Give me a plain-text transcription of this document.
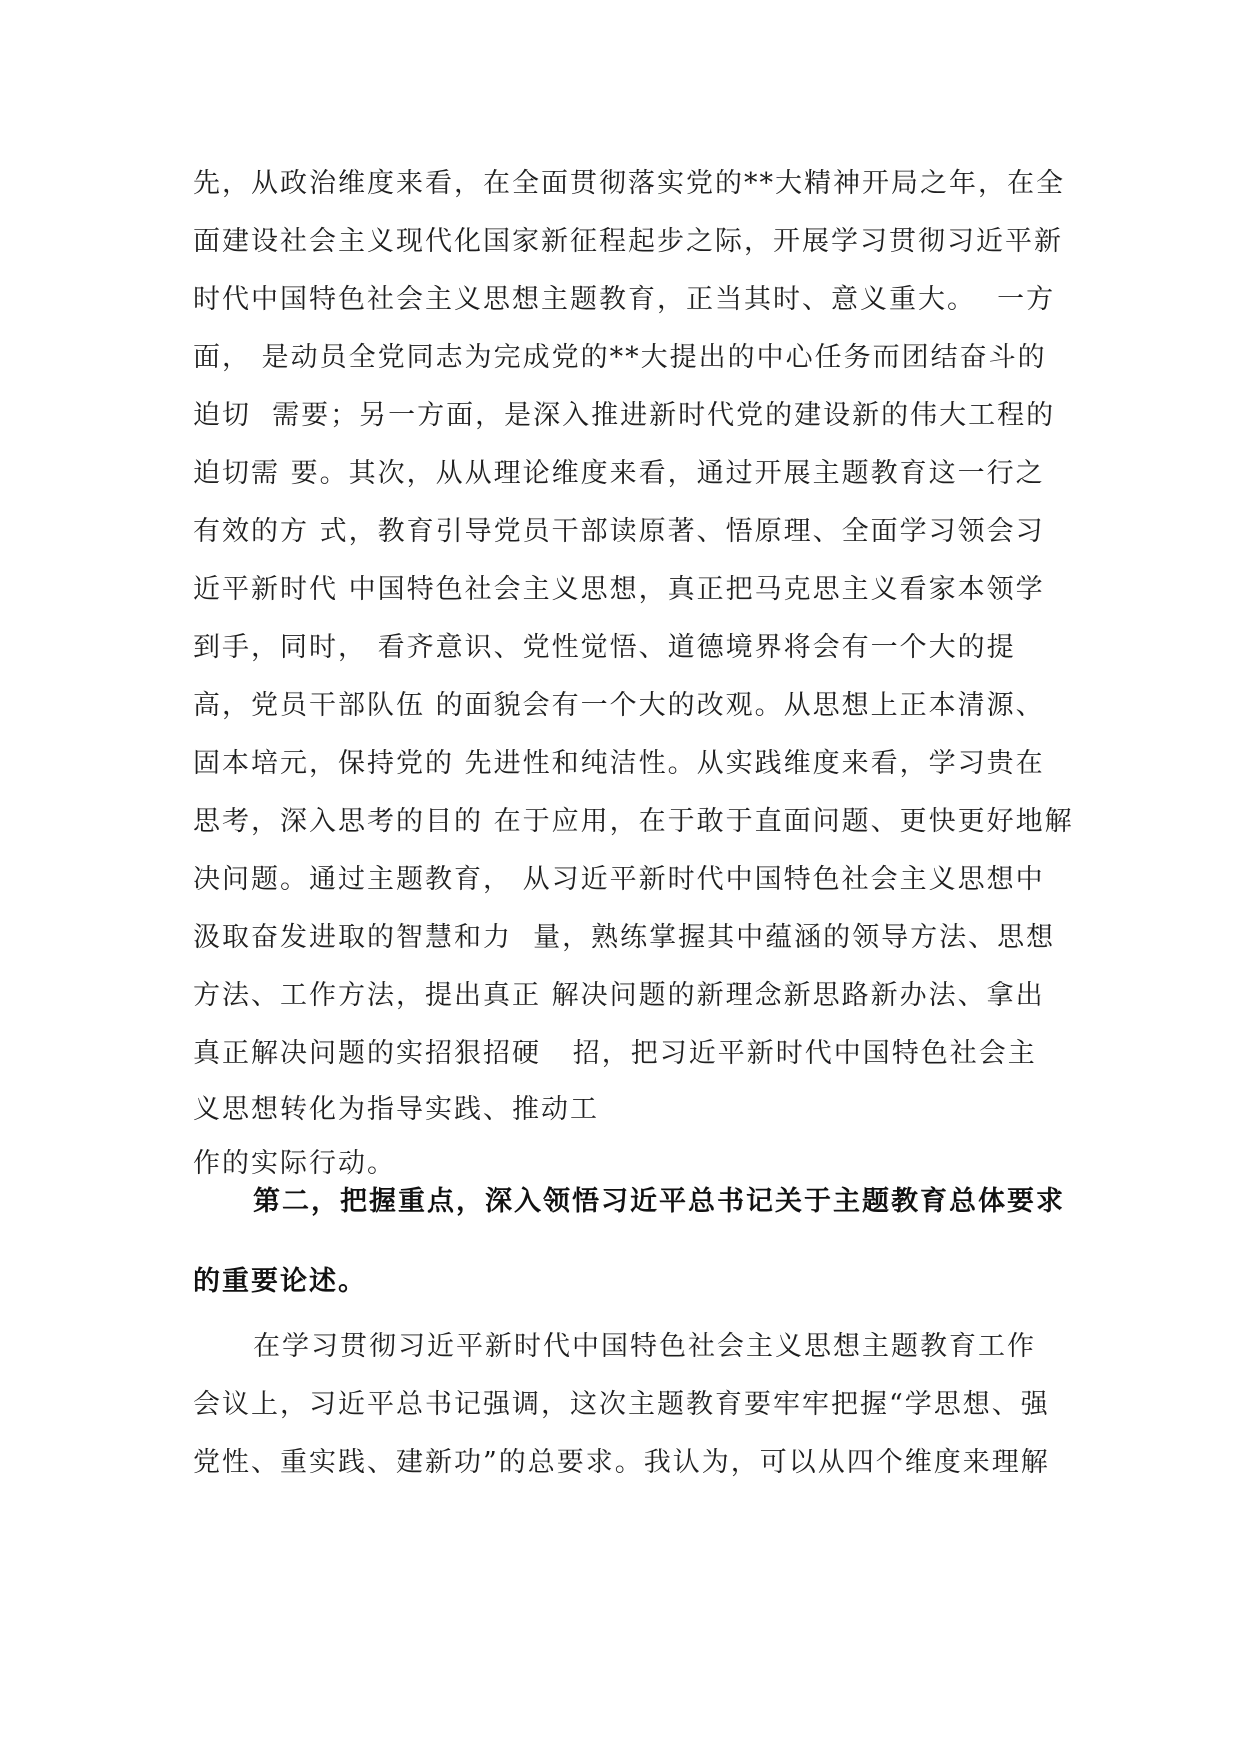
先，从政治维度来看，在全面贯彻落实党的**大精神开局之年，在全
面建设社会主义现代化国家新征程起步之际，开展学习贯彻习近平新
时代中国特色社会主义思想主题教育，正当其时、意义重大。  一方
面， 是动员全党同志为完成党的**大提出的中心任务而团结奋斗的
迫切  需要；另一方面，是深入推进新时代党的建设新的伟大工程的
迫切需 要。其次，从从理论维度来看，通过开展主题教育这一行之
有效的方 式，教育引导党员干部读原著、悟原理、全面学习领会习
近平新时代 中国特色社会主义思想，真正把马克思主义看家本领学
到手，同时， 看齐意识、党性觉悟、道德境界将会有一个大的提
高，党员干部队伍 的面貌会有一个大的改观。从思想上正本清源、
固本培元，保持党的 先进性和纯洁性。从实践维度来看，学习贵在
思考，深入思考的目的 在于应用，在于敢于直面问题、更快更好地解
决问题。通过主题教育， 从习近平新时代中国特色社会主义思想中
汲取奋发进取的智慧和力  量，熟练掌握其中蕴涵的领导方法、思想
方法、工作方法，提出真正 解决问题的新理念新思路新办法、拿出
真正解决问题的实招狠招硬   招，把习近平新时代中国特色社会主
义思想转化为指导实践、推动工
作的实际行动。
第二，把握重点，深入领悟习近平总书记关于主题教育总体要求
的重要论述。
在学习贯彻习近平新时代中国特色社会主义思想主题教育工作
会议上，习近平总书记强调，这次主题教育要牢牢把握“学思想、强
党性、重实践、建新功”的总要求。我认为，可以从四个维度来理解
